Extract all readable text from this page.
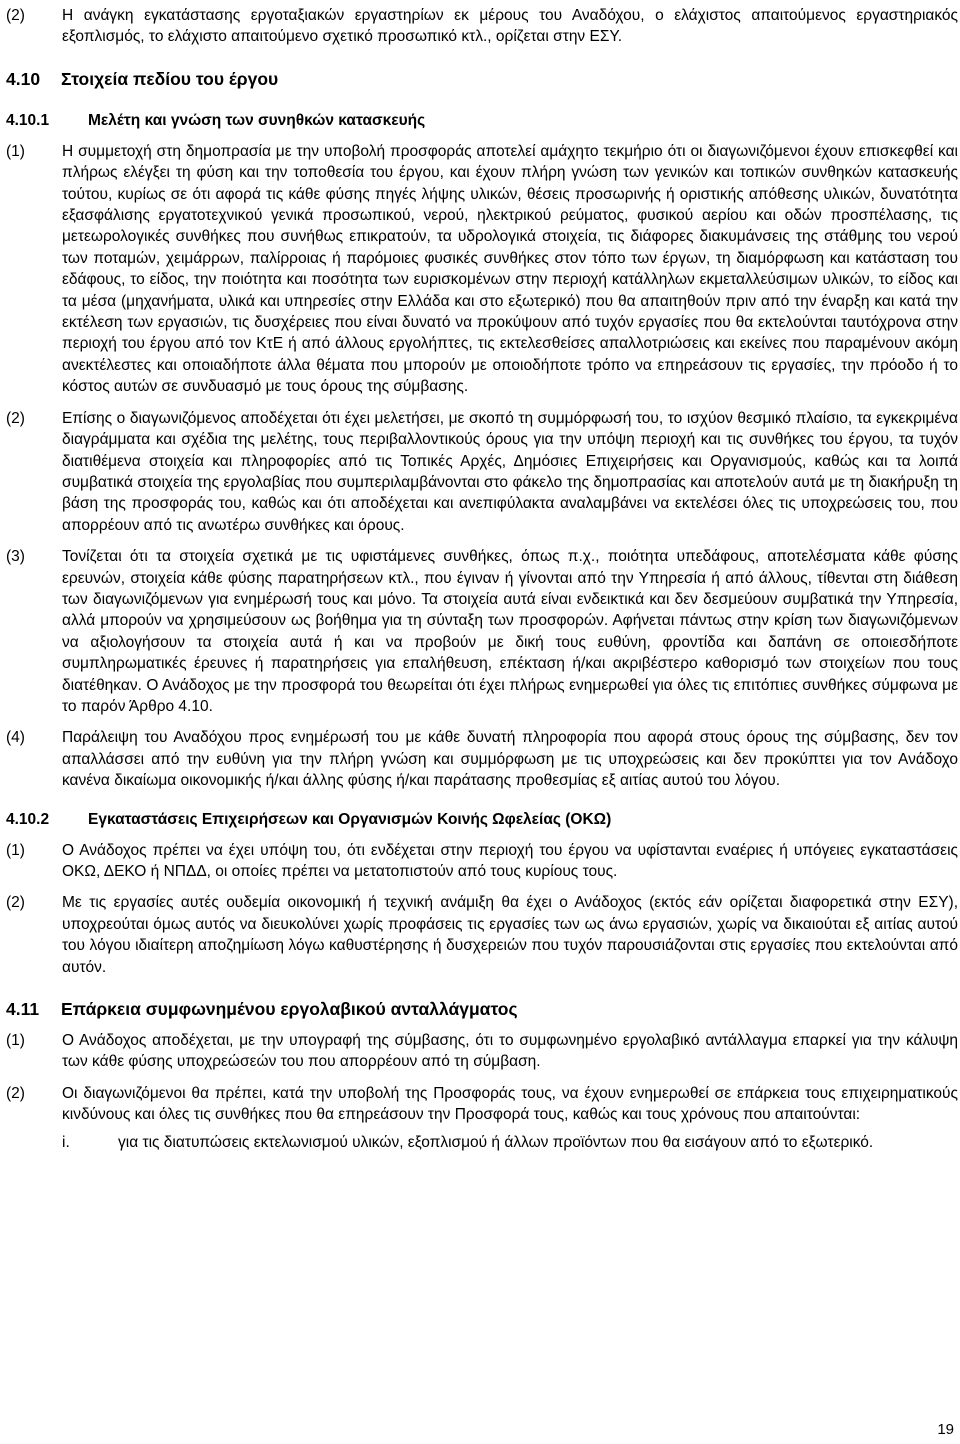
(2) Η ανάγκη εγκατάστασης εργοταξιακών εργαστηρίων εκ μέρους του Αναδόχου, ο ελάχιστος απαιτούμενος εργαστηριακός εξοπλισμός, το ελάχιστο απαιτούμενο σχετικό προσωπικό κτλ., ορίζεται στην ΕΣΥ.
4.10	Στοιχεία πεδίου του έργου
4.10.1	Μελέτη και γνώση των συνηθκών κατασκευής
(1) Η συμμετοχή στη δημοπρασία με την υποβολή προσφοράς αποτελεί αμάχητο τεκμήριο ότι οι διαγωνιζόμενοι έχουν επισκεφθεί και πλήρως ελέγξει τη φύση και την τοποθεσία του έργου, και έχουν πλήρη γνώση των γενικών και τοπικών συνθηκών κατασκευής τούτου, κυρίως σε ότι αφορά τις κάθε φύσης πηγές λήψης υλικών, θέσεις προσωρινής ή οριστικής απόθεσης υλικών, δυνατότητα εξασφάλισης εργατοτεχνικού γενικά προσωπικού, νερού, ηλεκτρικού ρεύματος, φυσικού αερίου και οδών προσπέλασης, τις μετεωρολογικές συνθήκες που συνήθως επικρατούν, τα υδρολογικά στοιχεία, τις διάφορες διακυμάνσεις της στάθμης του νερού των ποταμών, χειμάρρων, παλίρροιας ή παρόμοιες φυσικές συνθήκες στον τόπο των έργων, τη διαμόρφωση και κατάσταση του εδάφους, το είδος, την ποιότητα και ποσότητα των ευρισκομένων στην περιοχή κατάλληλων εκμεταλλεύσιμων υλικών, το είδος και τα μέσα (μηχανήματα, υλικά και υπηρεσίες στην Ελλάδα και στο εξωτερικό) που θα απαιτηθούν πριν από την έναρξη και κατά την εκτέλεση των εργασιών, τις δυσχέρειες που είναι δυνατό να προκύψουν από τυχόν εργασίες που θα εκτελούνται ταυτόχρονα στην περιοχή του έργου από τον ΚτΕ ή από άλλους εργολήπτες, τις εκτελεσθείσες απαλλοτριώσεις και εκείνες που παραμένουν ακόμη ανεκτέλεστες και οποιαδήποτε άλλα θέματα που μπορούν με οποιοδήποτε τρόπο να επηρεάσουν τις εργασίες, την πρόοδο ή το κόστος αυτών σε συνδυασμό με τους όρους της σύμβασης.
(2) Επίσης ο διαγωνιζόμενος αποδέχεται ότι έχει μελετήσει, με σκοπό τη συμμόρφωσή του, το ισχύον θεσμικό πλαίσιο, τα εγκεκριμένα διαγράμματα και σχέδια της μελέτης, τους περιβαλλοντικούς όρους για την υπόψη περιοχή και τις συνθήκες του έργου, τα τυχόν διατιθέμενα στοιχεία και πληροφορίες από τις Τοπικές Αρχές, Δημόσιες Επιχειρήσεις και Οργανισμούς, καθώς και τα λοιπά συμβατικά στοιχεία της εργολαβίας που συμπεριλαμβάνονται στο φάκελο της δημοπρασίας και αποτελούν αυτά με τη διακήρυξη τη βάση της προσφοράς του, καθώς και ότι αποδέχεται και ανεπιφύλακτα αναλαμβάνει να εκτελέσει όλες τις υποχρεώσεις του, που απορρέουν από τις ανωτέρω συνθήκες και όρους.
(3) Τονίζεται ότι τα στοιχεία σχετικά με τις υφιστάμενες συνθήκες, όπως π.χ., ποιότητα υπεδάφους, αποτελέσματα κάθε φύσης ερευνών, στοιχεία κάθε φύσης παρατηρήσεων κτλ., που έγιναν ή γίνονται από την Υπηρεσία ή από άλλους, τίθενται στη διάθεση των διαγωνιζόμενων για ενημέρωσή τους και μόνο. Τα στοιχεία αυτά είναι ενδεικτικά και δεν δεσμεύουν συμβατικά την Υπηρεσία, αλλά μπορούν να χρησιμεύσουν ως βοήθημα για τη σύνταξη των προσφορών. Αφήνεται πάντως στην κρίση των διαγωνιζόμενων να αξιολογήσουν τα στοιχεία αυτά ή και να προβούν με δική τους ευθύνη, φροντίδα και δαπάνη σε οποιεσδήποτε συμπληρωματικές έρευνες ή παρατηρήσεις για επαλήθευση, επέκταση ή/και ακριβέστερο καθορισμό των στοιχείων που τους διατέθηκαν. Ο Ανάδοχος με την προσφορά του θεωρείται ότι έχει πλήρως ενημερωθεί για όλες τις επιτόπιες συνθήκες σύμφωνα με το παρόν Άρθρο 4.10.
(4) Παράλειψη του Αναδόχου προς ενημέρωσή του με κάθε δυνατή πληροφορία που αφορά στους όρους της σύμβασης, δεν τον απαλλάσσει από την ευθύνη για την πλήρη γνώση και συμμόρφωση με τις υποχρεώσεις και δεν προκύπτει για τον Ανάδοχο κανένα δικαίωμα οικονομικής ή/και άλλης φύσης ή/και παράτασης προθεσμίας εξ αιτίας αυτού του λόγου.
4.10.2	Εγκαταστάσεις Επιχειρήσεων και Οργανισμών Κοινής Ωφελείας (ΟΚΩ)
(1) Ο Ανάδοχος πρέπει να έχει υπόψη του, ότι ενδέχεται στην περιοχή του έργου να υφίστανται εναέριες ή υπόγειες εγκαταστάσεις ΟΚΩ, ΔΕΚΟ ή ΝΠΔΔ, οι οποίες πρέπει να μετατοπιστούν από τους κυρίους τους.
(2) Με τις εργασίες αυτές ουδεμία οικονομική ή τεχνική ανάμιξη θα έχει ο Ανάδοχος (εκτός εάν ορίζεται διαφορετικά στην ΕΣΥ), υποχρεούται όμως αυτός να διευκολύνει χωρίς προφάσεις τις εργασίες των ως άνω εργασιών, χωρίς να δικαιούται εξ αιτίας αυτού του λόγου ιδιαίτερη αποζημίωση λόγω καθυστέρησης ή δυσχερειών που τυχόν παρουσιάζονται στις εργασίες που εκτελούνται από αυτόν.
4.11	Επάρκεια συμφωνημένου εργολαβικού ανταλλάγματος
(1) Ο Ανάδοχος αποδέχεται, με την υπογραφή της σύμβασης, ότι το συμφωνημένο εργολαβικό αντάλλαγμα επαρκεί για την κάλυψη των κάθε φύσης υποχρεώσεών του που απορρέουν από τη σύμβαση.
(2) Οι διαγωνιζόμενοι θα πρέπει, κατά την υποβολή της Προσφοράς τους, να έχουν ενημερωθεί σε επάρκεια τους επιχειρηματικούς κινδύνους και όλες τις συνθήκες που θα επηρεάσουν την Προσφορά τους, καθώς και τους χρόνους που απαιτούνται:
i.	για τις διατυπώσεις εκτελωνισμού υλικών, εξοπλισμού ή άλλων προϊόντων που θα εισάγουν από το εξωτερικό.
19
